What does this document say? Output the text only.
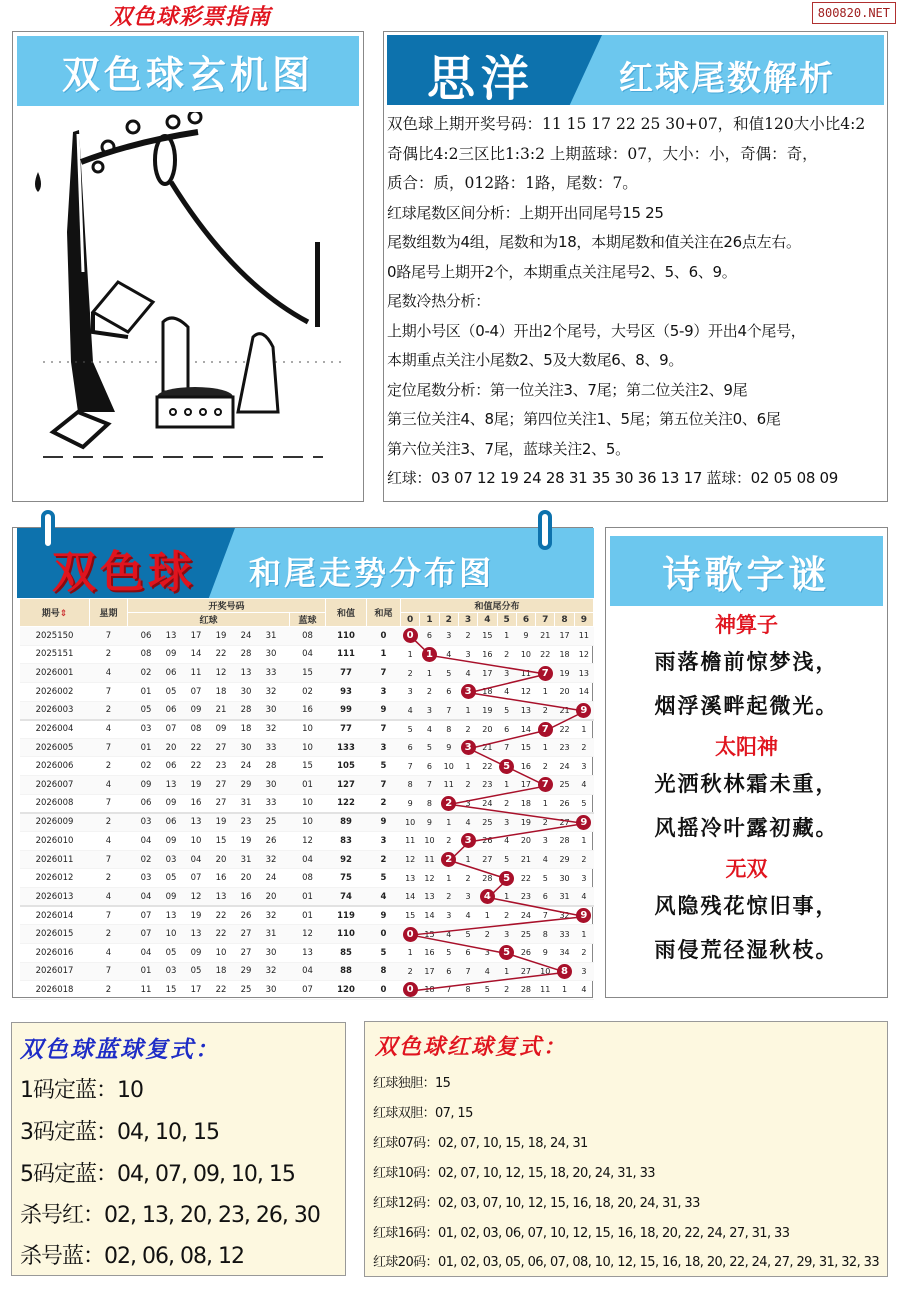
双色球彩票指南	800820.NET
双色球玄机图 思洋 红球尾数解析
双色球上期开奖号码：11 15 17 22 25 30+07，和值120大小比4:2
奇偶比4:2三区比1:3:2 上期蓝球：07，大小：小，奇偶：奇，
质合：质，012路：1路，尾数：7。
红球尾数区间分析：上期开出同尾号15 25
尾数组数为4组，尾数和为18，本期尾数和值关注在26点左右。
0路尾号上期开2个，本期重点关注尾号2、5、6、9。
尾数冷热分析：
上期小号区（0-4）开出2个尾号，大号区（5-9）开出4个尾号，
本期重点关注小尾数2、5及大数尾6、8、9。
定位尾数分析：第一位关注3、7尾；第二位关注2、9尾
第三位关注4、8尾；第四位关注1、5尾；第五位关注0、6尾
第六位关注3、7尾，蓝球关注2、5。
红球：03 07 12 19 24 28 31 35 30 36 13 17 蓝球：02 05 08 09
双色球 和尾走势分布图
期号⇕	星期	开奖号码		和值	和尾	和值尾分布									
		红球	蓝球			0	1	2	3	4	5	6	7	8	9
2025150	7	06 13 17 19 24 31	08	110	0	0	6	3	2	15	1	9	21	17	11
2025151	2	08 09 14 22 28 30	04	111	1	1	1	4	3	16	2	10	22	18	12
2026001	4	02 06 11 12 13 33	15	77	7	2	1	5	4	17	3	11	7	19	13
2026002	7	01 05 07 18 30 32	02	93	3	3	2	6	3	18	4	12	1	20	14
2026003	2	05 06 09 21 28 30	16	99	9	4	3	7	1	19	5	13	2	21	9
2026004	4	03 07 08 09 18 32	10	77	7	5	4	8	2	20	6	14	7	22	1
2026005	7	01 20 22 27 30 33	10	133	3	6	5	9	3	21	7	15	1	23	2
2026006	2	02 06 22 23 24 28	15	105	5	7	6	10	1	22	5	16	2	24	3
2026007	4	09 13 19 27 29 30	01	127	7	8	7	11	2	23	1	17	7	25	4
2026008	7	06 09 16 27 31 33	10	122	2	9	8	2	3	24	2	18	1	26	5
2026009	2	03 06 13 19 23 25	10	89	9	10	9	1	4	25	3	19	2	27	9
2026010	4	04 09 10 15 19 26	12	83	3	11	10	2	3	26	4	20	3	28	1
2026011	7	02 03 04 20 31 32	04	92	2	12	11	2	1	27	5	21	4	29	2
2026012	2	03 05 07 16 20 24	08	75	5	13	12	1	2	28	5	22	5	30	3
2026013	4	04 09 12 13 16 20	01	74	4	14	13	2	3	4	1	23	6	31	4
2026014	7	07 13 19 22 26 32	01	119	9	15	14	3	4	1	2	24	7	32	9
2026015	2	07 10 13 22 27 31	12	110	0	0	15	4	5	2	3	25	8	33	1
2026016	4	04 05 09 10 27 30	13	85	5	1	16	5	6	3	5	26	9	34	2
2026017	7	01 03 05 18 29 32	04	88	8	2	17	6	7	4	1	27	10	8	3
2026018	2	11 15 17 22 25 30	07	120	0	0	18	7	8	5	2	28	11	1	4
诗歌字谜
神算子
雨落檐前惊梦浅，
烟浮溪畔起微光。
太阳神
光洒秋林霜未重，
风摇冷叶露初藏。
无双
风隐残花惊旧事，
雨侵荒径湿秋枝。
双色球蓝球复式：
1码定蓝：10
3码定蓝：04, 10, 15
5码定蓝：04, 07, 09, 10, 15
杀号红：02, 13, 20, 23, 26, 30
杀号蓝：02, 06, 08, 12
双色球红球复式：
红球独胆：15
红球双胆：07, 15
红球07码：02, 07, 10, 15, 18, 24, 31
红球10码：02, 07, 10, 12, 15, 18, 20, 24, 31, 33
红球12码：02, 03, 07, 10, 12, 15, 16, 18, 20, 24, 31, 33
红球16码：01, 02, 03, 06, 07, 10, 12, 15, 16, 18, 20, 22, 24, 27, 31, 33
红球20码：01, 02, 03, 05, 06, 07, 08, 10, 12, 15, 16, 18, 20, 22, 24, 27, 29, 31, 32, 33
